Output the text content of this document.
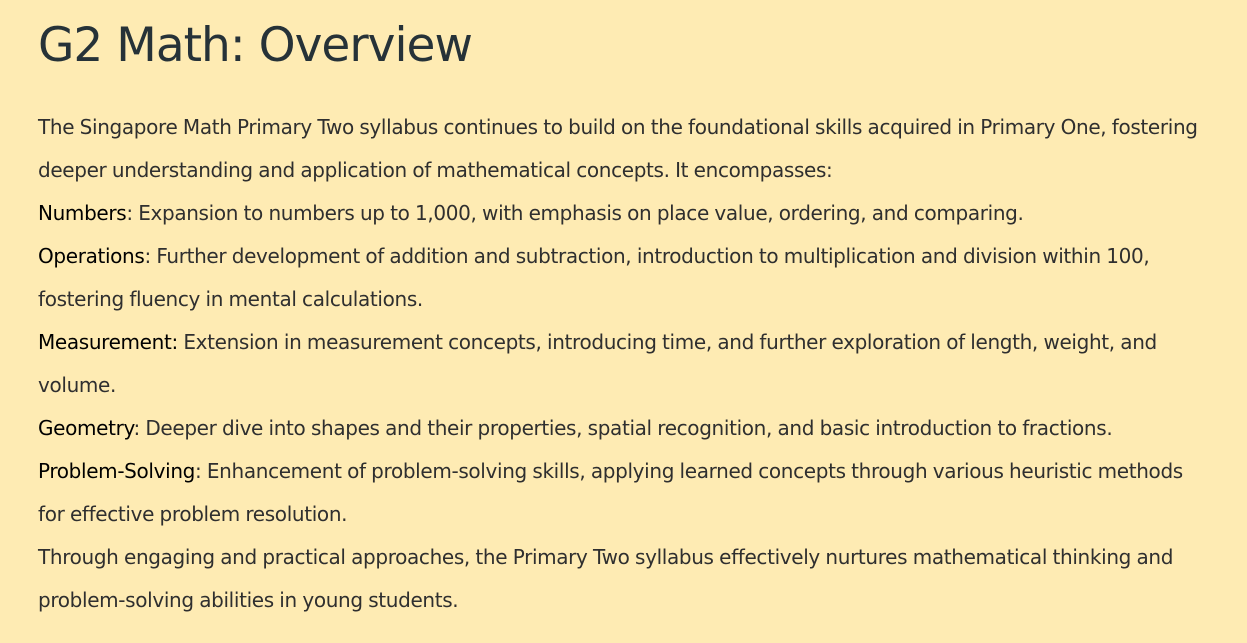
G2 Math: Overview

The Singapore Math Primary Two syllabus continues to build on the foundational skills acquired in Primary One, fostering deeper understanding and application of mathematical concepts. It encompasses:

Numbers: Expansion to numbers up to 1,000, with emphasis on place value, ordering, and comparing.

Operations: Further development of addition and subtraction, introduction to multiplication and division within 100, fostering fluency in mental calculations.

Measurement: Extension in measurement concepts, introducing time, and further exploration of length, weight, and volume.

Geometry: Deeper dive into shapes and their properties, spatial recognition, and basic introduction to fractions.

Problem-Solving: Enhancement of problem-solving skills, applying learned concepts through various heuristic methods for effective problem resolution.

Through engaging and practical approaches, the Primary Two syllabus effectively nurtures mathematical thinking and problem-solving abilities in young students.
